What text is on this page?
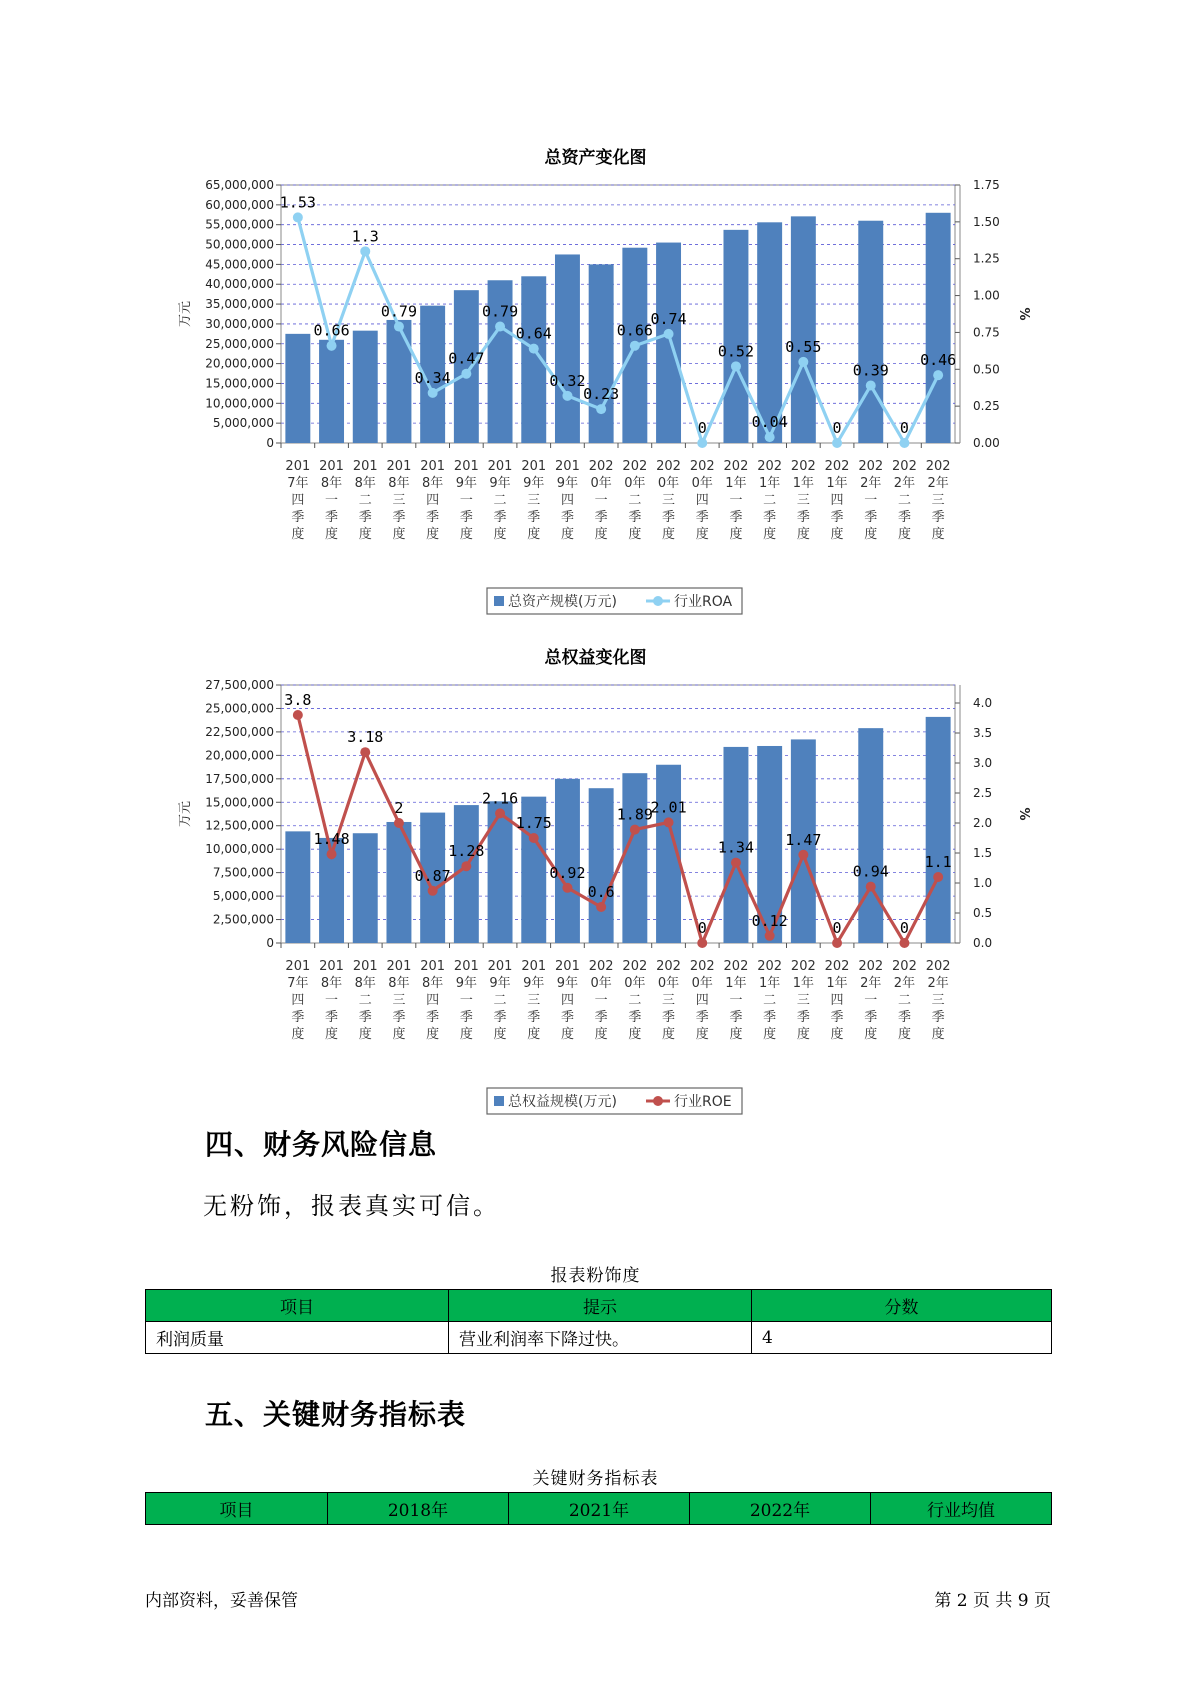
总资产变化图
0
5,000,000
10,000,000
15,000,000
20,000,000
25,000,000
30,000,000
35,000,000
40,000,000
45,000,000
50,000,000
55,000,000
60,000,000
65,000,000
0.00
0.25
0.50
0.75
1.00
1.25
1.50
1.75
万元	%
201 7年四季度
201 8年一季度
201 8年二季度
201 8年三季度
201 8年四季度
201 9年一季度
201 9年二季度
201 9年三季度
201 9年四季度
202 0年一季度
202 0年二季度
202 0年三季度
202 0年四季度
202 1年一季度
202 1年二季度
202 1年三季度
202 1年四季度
202 2年一季度
202 2年二季度
202 2年三季度
1.53
0.66
1.3
0.79
0.34
0.47
0.79
0.64
0.32
0.23
0.66
0.74
0
0.52
0.04
0.55
0
0.39
0
0.46
总资产规模(万元)	行业ROA
总权益变化图
0
2,500,000
5,000,000
7,500,000
10,000,000
12,500,000
15,000,000
17,500,000
20,000,000
22,500,000
25,000,000
27,500,000
0.0
0.5
1.0
1.5
2.0
2.5
3.0
3.5
4.0
万元	%
201 7年四季度
201 8年一季度
201 8年二季度
201 8年三季度
201 8年四季度
201 9年一季度
201 9年二季度
201 9年三季度
201 9年四季度
202 0年一季度
202 0年二季度
202 0年三季度
202 0年四季度
202 1年一季度
202 1年二季度
202 1年三季度
202 1年四季度
202 2年一季度
202 2年二季度
202 2年三季度
3.8
1.48
3.18
2
0.87
1.28
2.16
1.75
0.92
0.6
1.89
2.01
0
1.34
0.12
1.47
0
0.94
0
1.1
总权益规模(万元)	行业ROE
四、财务风险信息
无粉饰，报表真实可信。
报表粉饰度
项目	提示	分数
利润质量	营业利润率下降过快。	4
五、关键财务指标表
关键财务指标表
项目	2018年	2021年	2022年	行业均值
内部资料，妥善保管	第 2 页 共 9 页
